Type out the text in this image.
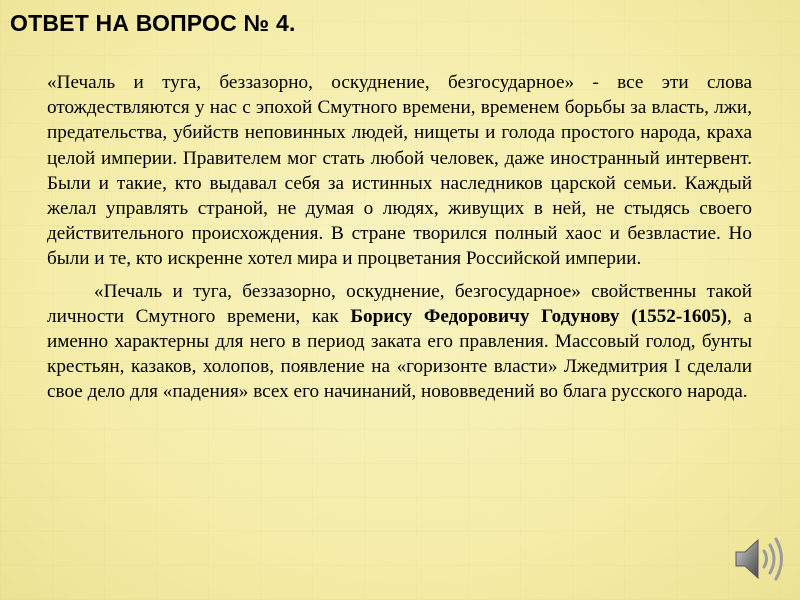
ОТВЕТ НА ВОПРОС № 4.

«Печаль и туга, беззазорно, оскуднение, безгосударное» - все эти слова отождествляются у нас с эпохой Смутного времени, временем борьбы за власть, лжи, предательства, убийств неповинных людей, нищеты и голода простого народа, краха целой империи. Правителем мог стать любой человек, даже иностранный интервент. Были и такие, кто выдавал себя за истинных наследников царской семьи. Каждый желал управлять страной, не думая о людях, живущих в ней, не стыдясь своего действительного происхождения. В стране творился полный хаос и безвластие. Но были и те, кто искренне хотел мира и процветания Российской империи.

«Печаль и туга, беззазорно, оскуднение, безгосударное» свойственны такой личности Смутного времени, как Борису Федоровичу Годунову (1552-1605), а именно характерны для него в период заката его правления. Массовый голод, бунты крестьян, казаков, холопов, появление на «горизонте власти» Лжедмитрия I сделали свое дело для «падения» всех его начинаний, нововведений во блага русского народа.
